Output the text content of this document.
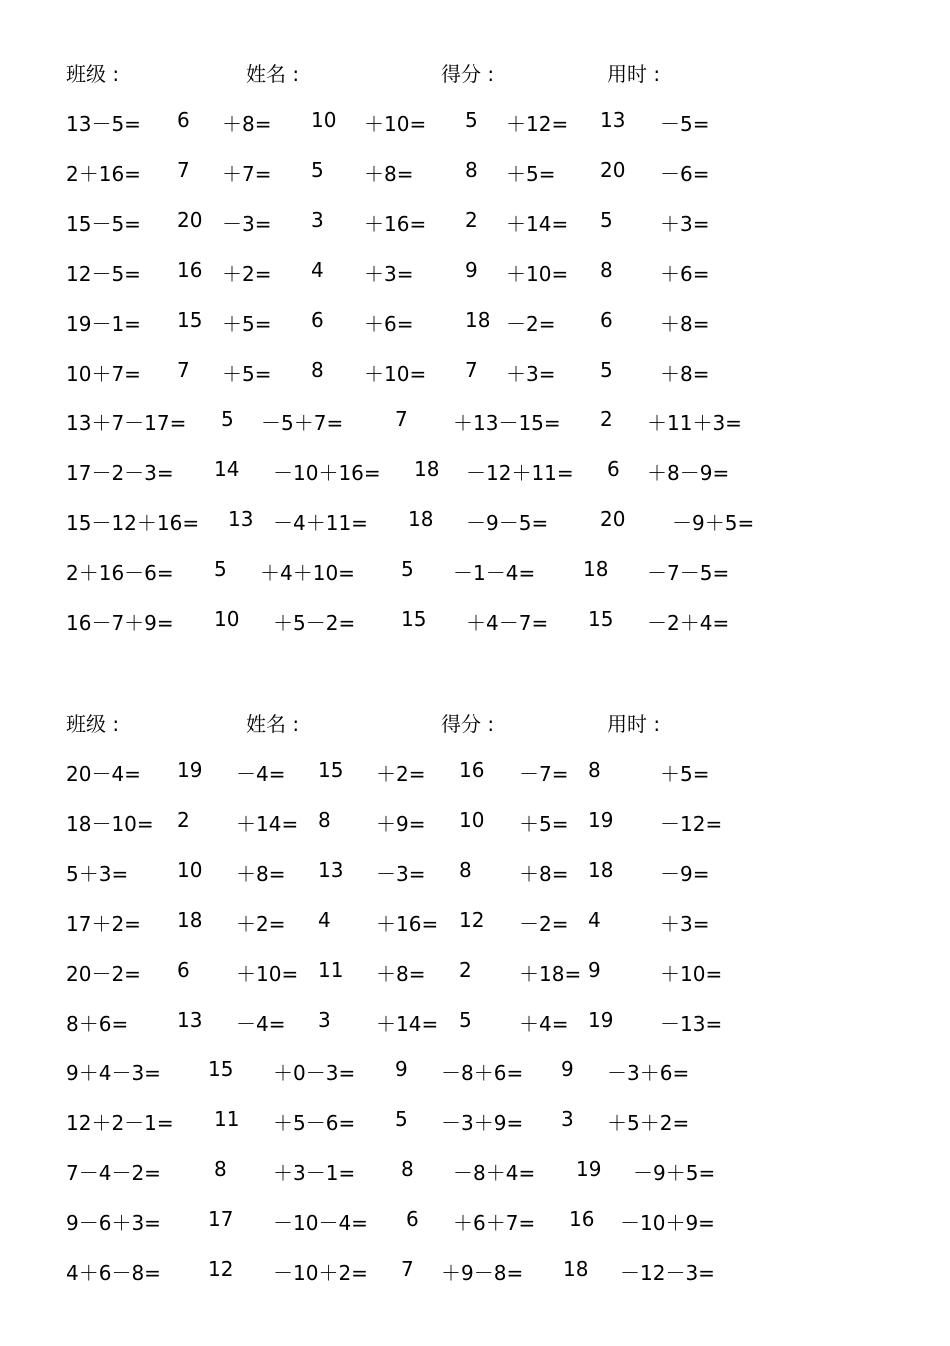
班级 :	姓名 :	得分 :	用时 :
13－5= 6 ＋8= 10 ＋10= 5 ＋12= 13 －5=
2＋16= 7 ＋7= 5 ＋8=	8 ＋5= 20 －6=
15－5= 20 －3= 3 ＋16= 2 ＋14= 5 ＋3=
12－5= 16 ＋2= 4 ＋3=	9 ＋10= 8 ＋6=
19－1= 15 ＋5= 6 ＋6=	18 －2= 6 ＋8=
10＋7= 7 ＋5= 8 ＋10= 7 ＋3= 5 ＋8=
13＋7－17= 5 －5＋7=	7 ＋13－15= 2 ＋11＋3=
17－2－3= 14 －10＋16= 18 －12＋11= 6 ＋8－9=
15－12＋16= 13 －4＋11= 18 －9－5=	20 －9＋5=
2＋16－6= 5 ＋4＋10= 5 －1－4= 18 －7－5=
16－7＋9= 10 ＋5－2= 15 ＋4－7= 15 －2＋4=
班级 :	姓名 :	得分 :	用时 :
20－4= 19 －4= 15 ＋2= 16 －7= 8	＋5=
18－10= 2 ＋14= 8 ＋9= 10 ＋5= 19 －12=
5＋3= 10 ＋8= 13 －3= 8 ＋8= 18 －9=
17＋2= 18 ＋2= 4 ＋16= 12 －2= 4	＋3=
20－2= 6 ＋10= 11 ＋8= 2 ＋18= 9	＋10=
8＋6= 13 －4= 3 ＋14= 5 ＋4= 19 －13=
9＋4－3= 15 ＋0－3= 9 －8＋6= 9 －3＋6=
12＋2－1= 11 ＋5－6= 5 －3＋9= 3 ＋5＋2=
7－4－2=	8 ＋3－1= 8 －8＋4= 19 －9＋5=
9－6＋3= 17 －10－4= 6 ＋6＋7= 16 －10＋9=
4＋6－8= 12 －10＋2= 7 ＋9－8= 18 －12－3=
